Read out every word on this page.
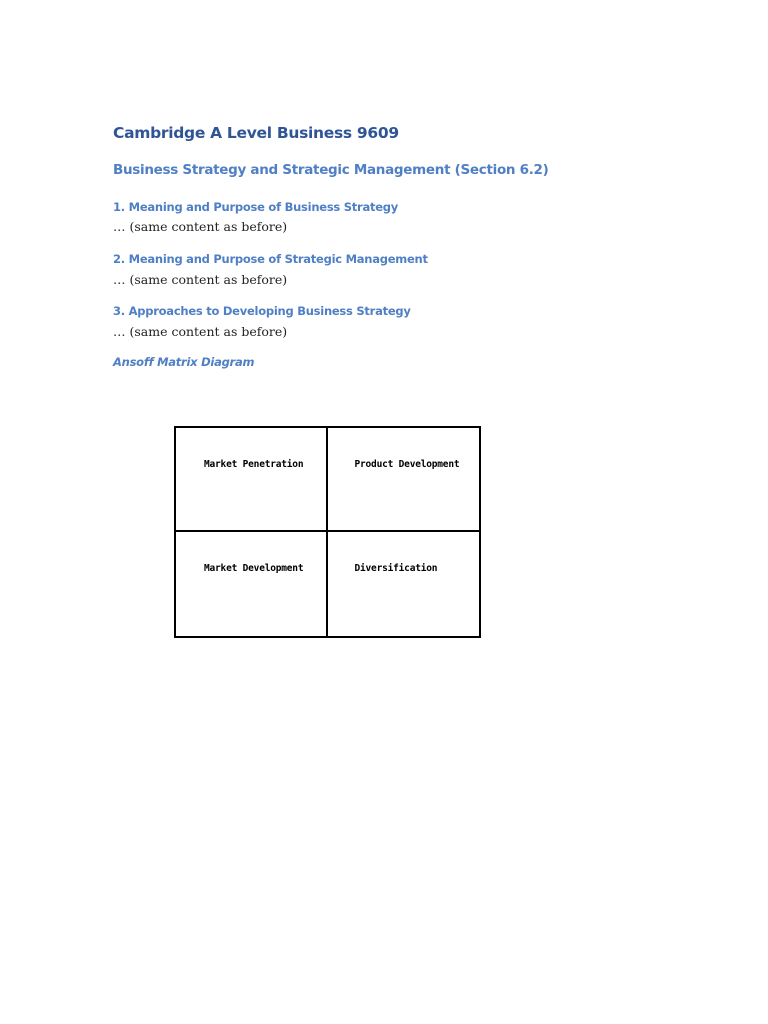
Cambridge A Level Business 9609
Business Strategy and Strategic Management (Section 6.2)
1. Meaning and Purpose of Business Strategy
… (same content as before)
2. Meaning and Purpose of Strategic Management
… (same content as before)
3. Approaches to Developing Business Strategy
… (same content as before)
Ansoff Matrix Diagram
Market Penetration	Product Development
Market Development	Diversification
